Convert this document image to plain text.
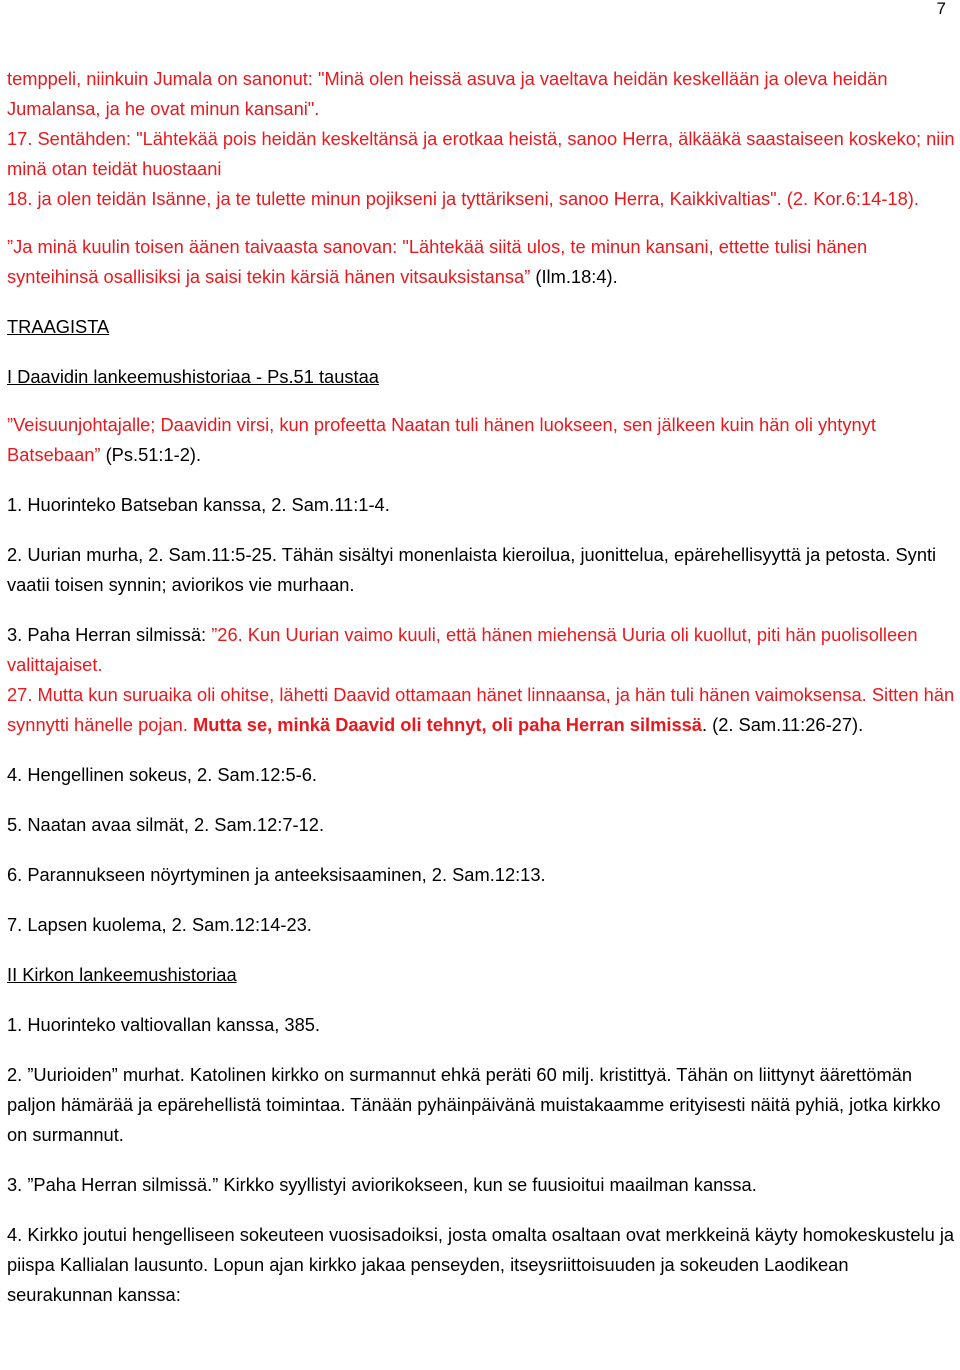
7

temppeli, niinkuin Jumala on sanonut: "Minä olen heissä asuva ja vaeltava heidän keskellään ja oleva heidän Jumalansa, ja he ovat minun kansani".

17. Sentähden: "Lähtekää pois heidän keskeltänsä ja erotkaa heistä, sanoo Herra, älkääkä saastaiseen koskeko; niin minä otan teidät huostaani

18. ja olen teidän Isänne, ja te tulette minun pojikseni ja tyttärikseni, sanoo Herra, Kaikkivaltias". (2. Kor.6:14-18).

”Ja minä kuulin toisen äänen taivaasta sanovan: "Lähtekää siitä ulos, te minun kansani, ettette tulisi hänen synteihinsä osallisiksi ja saisi tekin kärsiä hänen vitsauksistansa” (Ilm.18:4).

TRAAGISTA

I Daavidin lankeemushistoriaa - Ps.51 taustaa

”Veisuunjohtajalle; Daavidin virsi, kun profeetta Naatan tuli hänen luokseen, sen jälkeen kuin hän oli yhtynyt Batsebaan” (Ps.51:1-2).

1. Huorinteko Batseban kanssa, 2. Sam.11:1-4.

2. Uurian murha, 2. Sam.11:5-25. Tähän sisältyi monenlaista kieroilua, juonittelua, epärehellisyyttä ja petosta. Synti vaatii toisen synnin; aviorikos vie murhaan.

3. Paha Herran silmissä: ”26. Kun Uurian vaimo kuuli, että hänen miehensä Uuria oli kuollut, piti hän puolisolleen valittajaiset.

27. Mutta kun suruaika oli ohitse, lähetti Daavid ottamaan hänet linnaansa, ja hän tuli hänen vaimoksensa. Sitten hän synnytti hänelle pojan. Mutta se, minkä Daavid oli tehnyt, oli paha Herran silmissä. (2. Sam.11:26-27).

4. Hengellinen sokeus, 2. Sam.12:5-6.

5. Naatan avaa silmät, 2. Sam.12:7-12.

6. Parannukseen nöyrtyminen ja anteeksisaaminen, 2. Sam.12:13.

7. Lapsen kuolema, 2. Sam.12:14-23.

II Kirkon lankeemushistoriaa

1. Huorinteko valtiovallan kanssa, 385.

2. ”Uurioiden” murhat. Katolinen kirkko on surmannut ehkä peräti 60 milj. kristittyä. Tähän on liittynyt äärettömän paljon hämärää ja epärehellistä toimintaa. Tänään pyhäinpäivänä muistakaamme erityisesti näitä pyhiä, jotka kirkko on surmannut.

3. ”Paha Herran silmissä.” Kirkko syyllistyi aviorikokseen, kun se fuusioitui maailman kanssa.

4. Kirkko joutui hengelliseen sokeuteen vuosisadoiksi, josta omalta osaltaan ovat merkkeinä käyty homokeskustelu ja piispa Kallialan lausunto. Lopun ajan kirkko jakaa penseyden, itseysriittoisuuden ja sokeuden Laodikean seurakunnan kanssa:
